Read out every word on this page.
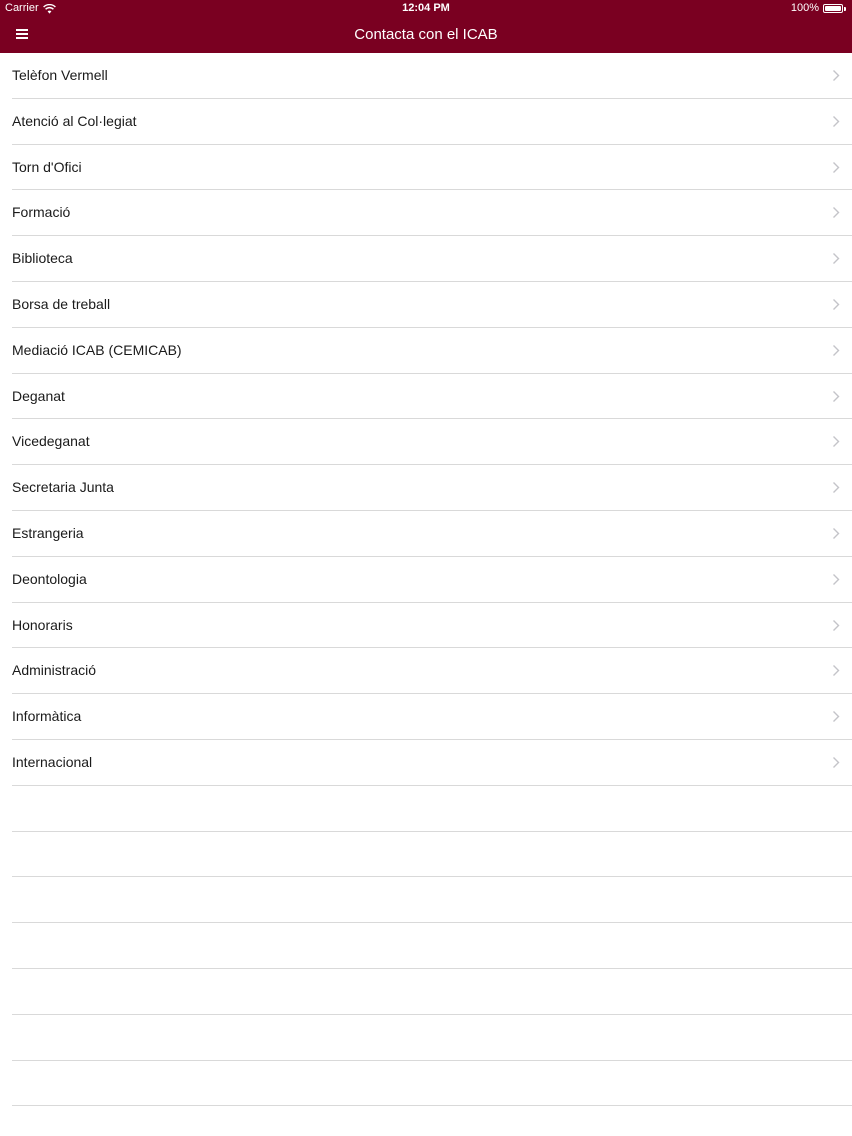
Carrier	12:04 PM	100%
Contacta con el ICAB
Telèfon Vermell
Atenció al Col·legiat
Torn d'Ofici
Formació
Biblioteca
Borsa de treball
Mediació ICAB (CEMICAB)
Deganat
Vicedeganat
Secretaria Junta
Estrangeria
Deontologia
Honoraris
Administració
Informàtica
Internacional
